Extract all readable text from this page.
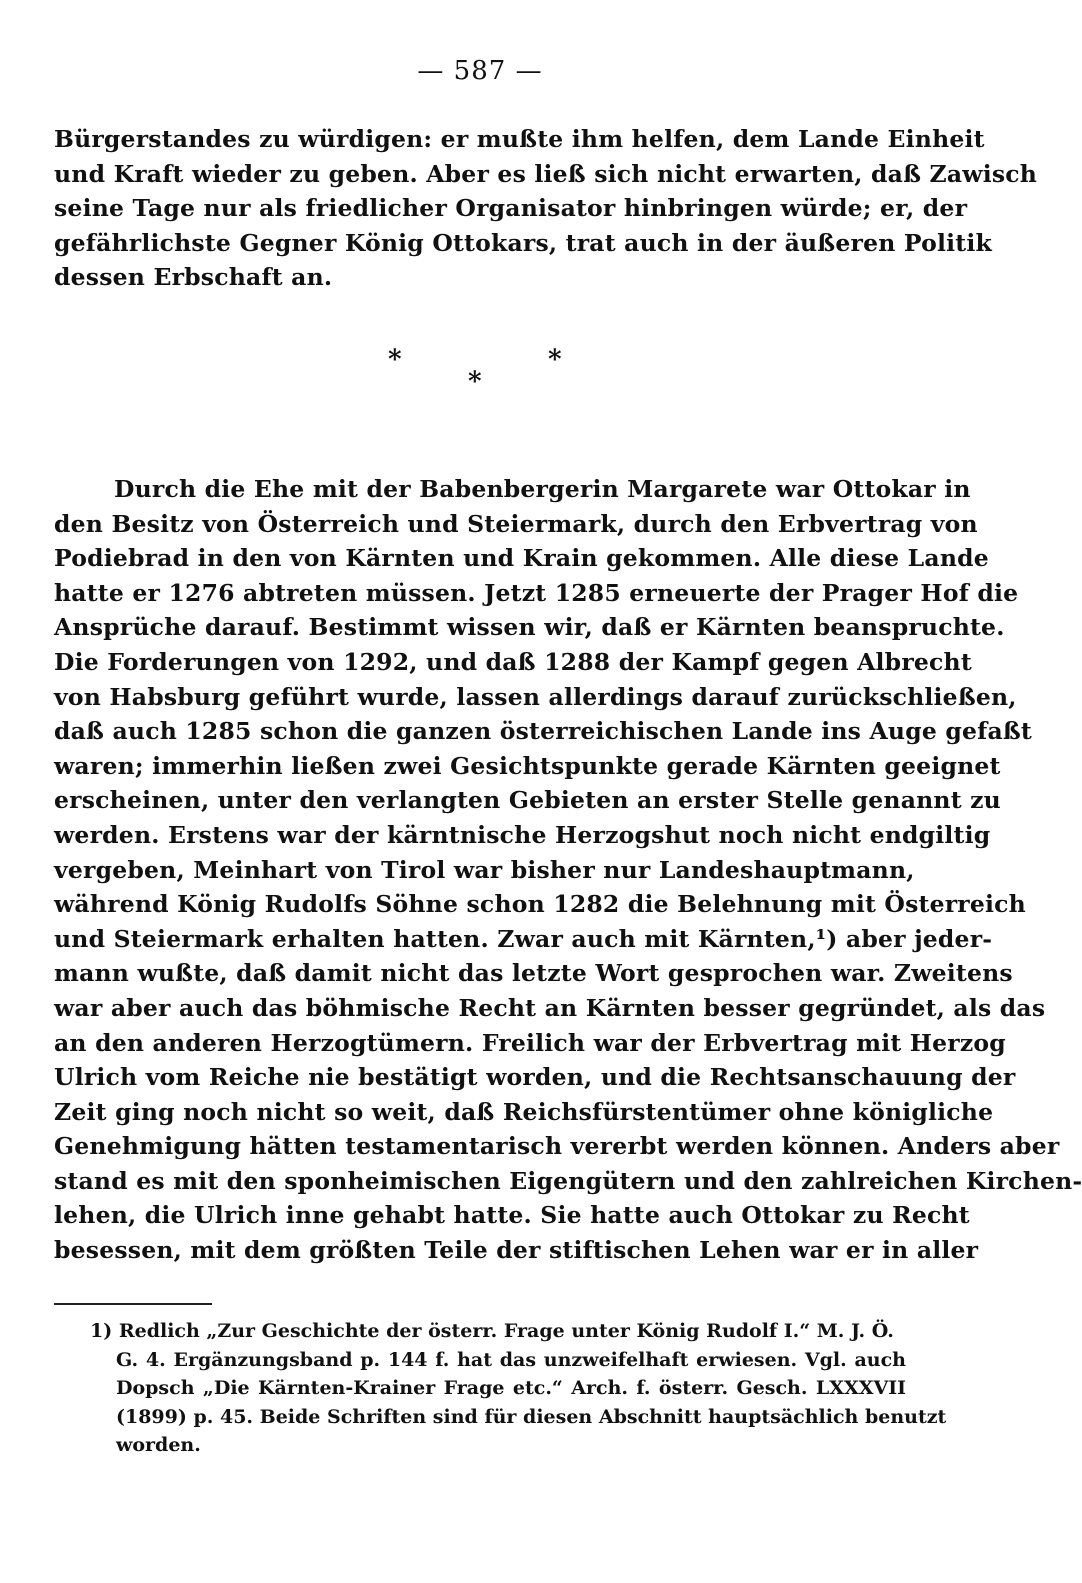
— 587 —
Bürgerstandes zu würdigen: er mußte ihm helfen, dem Lande Einheit
und Kraft wieder zu geben. Aber es ließ sich nicht erwarten, daß Zawisch
seine Tage nur als friedlicher Organisator hinbringen würde; er, der
gefährlichste Gegner König Ottokars, trat auch in der äußeren Politik
dessen Erbschaft an.
*
*
*
Durch die Ehe mit der Babenbergerin Margarete war Ottokar in
den Besitz von Österreich und Steiermark, durch den Erbvertrag von
Podiebrad in den von Kärnten und Krain gekommen. Alle diese Lande
hatte er 1276 abtreten müssen. Jetzt 1285 erneuerte der Prager Hof die
Ansprüche darauf. Bestimmt wissen wir, daß er Kärnten beanspruchte.
Die Forderungen von 1292, und daß 1288 der Kampf gegen Albrecht
von Habsburg geführt wurde, lassen allerdings darauf zurückschließen,
daß auch 1285 schon die ganzen österreichischen Lande ins Auge gefaßt
waren; immerhin ließen zwei Gesichtspunkte gerade Kärnten geeignet
erscheinen, unter den verlangten Gebieten an erster Stelle genannt zu
werden. Erstens war der kärntnische Herzogshut noch nicht endgiltig
vergeben, Meinhart von Tirol war bisher nur Landeshauptmann,
während König Rudolfs Söhne schon 1282 die Belehnung mit Österreich
und Steiermark erhalten hatten. Zwar auch mit Kärnten,¹) aber jeder-
mann wußte, daß damit nicht das letzte Wort gesprochen war. Zweitens
war aber auch das böhmische Recht an Kärnten besser gegründet, als das
an den anderen Herzogtümern. Freilich war der Erbvertrag mit Herzog
Ulrich vom Reiche nie bestätigt worden, und die Rechtsanschauung der
Zeit ging noch nicht so weit, daß Reichsfürstentümer ohne königliche
Genehmigung hätten testamentarisch vererbt werden können. Anders aber
stand es mit den sponheimischen Eigengütern und den zahlreichen Kirchen-
lehen, die Ulrich inne gehabt hatte. Sie hatte auch Ottokar zu Recht
besessen, mit dem größten Teile der stiftischen Lehen war er in aller
1) Redlich „Zur Geschichte der österr. Frage unter König Rudolf I.“ M. J. Ö.
G. 4. Ergänzungsband p. 144 f. hat das unzweifelhaft erwiesen. Vgl. auch
Dopsch „Die Kärnten-Krainer Frage etc.“ Arch. f. österr. Gesch. LXXXVII
(1899) p. 45. Beide Schriften sind für diesen Abschnitt hauptsächlich benutzt
worden.
